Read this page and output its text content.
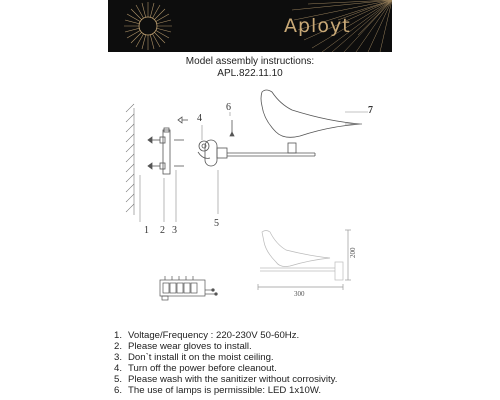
Aployt
Model assembly instructions:
APL.822.11.10
6	7
4
5
1 2 3
300
200
1. Voltage/Frequency : 220-230V 50-60Hz.
2. Please wear gloves to install.
3. Don`t install it on the moist ceiling.
4. Turn off the power before cleanout.
5. Please wash with the sanitizer without corrosivity.
6. The use of lamps is permissible: LED 1x10W.
